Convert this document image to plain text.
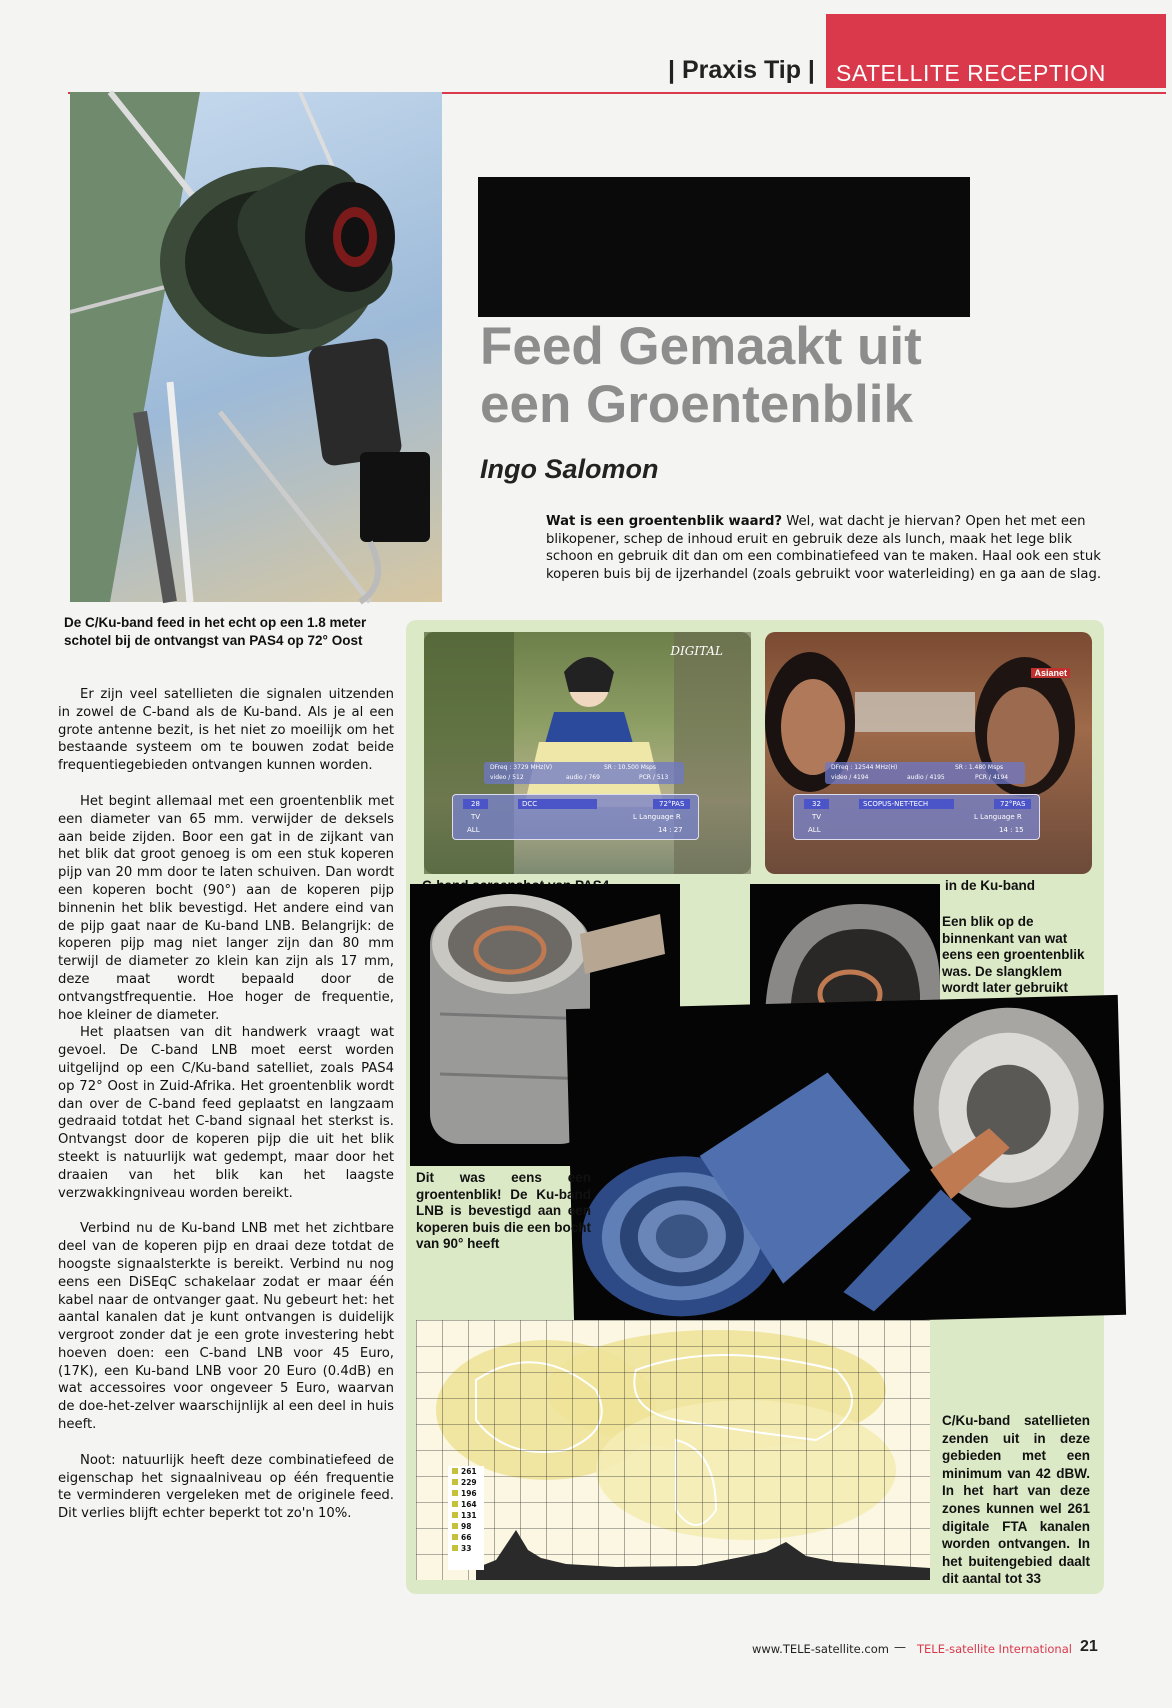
| Praxis Tip | SATELLITE RECEPTION
De C/Ku-band feed in het echt op een 1.8 meter schotel bij de ontvangst van PAS4 op 72° Oost
Feed Gemaakt uit
een Groentenblik
Ingo Salomon
Wat is een groentenblik waard? Wel, wat dacht je hiervan? Open het met een blikopener, schep de inhoud eruit en gebruik deze als lunch, maak het lege blik schoon en gebruik dit dan om een combinatiefeed van te maken. Haal ook een stuk koperen buis bij de ijzerhandel (zoals gebruikt voor waterleiding) en ga aan de slag.

Er zijn veel satellieten die signalen uitzenden in zowel de C-band als de Ku-band. Als je al een grote antenne bezit, is het niet zo moeilijk om het bestaande systeem om te bouwen zodat beide frequentiegebieden ontvangen kunnen worden.

Het begint allemaal met een groentenblik met een diameter van 65 mm. verwijder de deksels aan beide zijden. Boor een gat in de zijkant van het blik dat groot genoeg is om een stuk koperen pijp van 20 mm door te laten schuiven. Dan wordt een koperen bocht (90°) aan de koperen pijp binnenin het blik bevestigd. Het andere eind van de pijp gaat naar de Ku-band LNB. Belangrijk: de koperen pijp mag niet langer zijn dan 80 mm terwijl de diameter zo klein kan zijn als 17 mm, deze maat wordt bepaald door de ontvangstfrequentie. Hoe hoger de frequentie, hoe kleiner de diameter.

Het plaatsen van dit handwerk vraagt wat gevoel. De C-band LNB moet eerst worden uitgelijnd op een C/Ku-band satelliet, zoals PAS4 op 72° Oost in Zuid-Afrika. Het groentenblik wordt dan over de C-band feed geplaatst en langzaam gedraaid totdat het C-band signaal het sterkst is. Ontvangst door de koperen pijp die uit het blik steekt is natuurlijk wat gedempt, maar door het draaien van het blik kan het laagste verzwakkingniveau worden bereikt.

Verbind nu de Ku-band LNB met het zichtbare deel van de koperen pijp en draai deze totdat de hoogste signaalsterkte is bereikt. Verbind nu nog eens een DiSEqC schakelaar zodat er maar één kabel naar de ontvanger gaat. Nu gebeurt het: het aantal kanalen dat je kunt ontvangen is duidelijk vergroot zonder dat je een grote investering hebt hoeven doen: een C-band LNB voor 45 Euro, (17K), een Ku-band LNB voor 20 Euro (0.4dB) en wat accessoires voor ongeveer 5 Euro, waarvan de doe-het-zelver waarschijnlijk al een deel in huis heeft.

Noot: natuurlijk heeft deze combinatiefeed de eigenschap het signaalniveau op één frequentie te verminderen vergeleken met de originele feed. Dit verlies blijft echter beperkt tot zo'n 10%.

DIGITAL
DFreq : 3729 MHz(V)	SR : 10.500 Msps
video / 512	audio / 769	PCR / 513
28	DCC	72°PAS
TV
ALL
L Language R
14 : 27
Asianet
DFreq : 12544 MHz(H)	SR : 1.480 Msps
video / 4194	audio / 4195	PCR / 4194
32	SCOPUS-NET-TECH	72°PAS
TV
ALL
L Language R
14 : 15
in de Ku-band
Een blik op de binnenkant van wat eens een groentenblik was. De slangklem wordt later gebruikt
Dit was eens een groentenblik! De Ku-band LNB is bevestigd aan een koperen buis die een bocht van 90° heeft
261
229
196
164
131
98
66
33
C/Ku-band satellieten zenden uit in deze gebieden met een minimum van 42 dBW. In het hart van deze zones kunnen wel 261 digitale FTA kanalen worden ontvangen. In het buitengebied daalt dit aantal tot 33
www.TELE-satellite.com — TELE-satellite International 21
